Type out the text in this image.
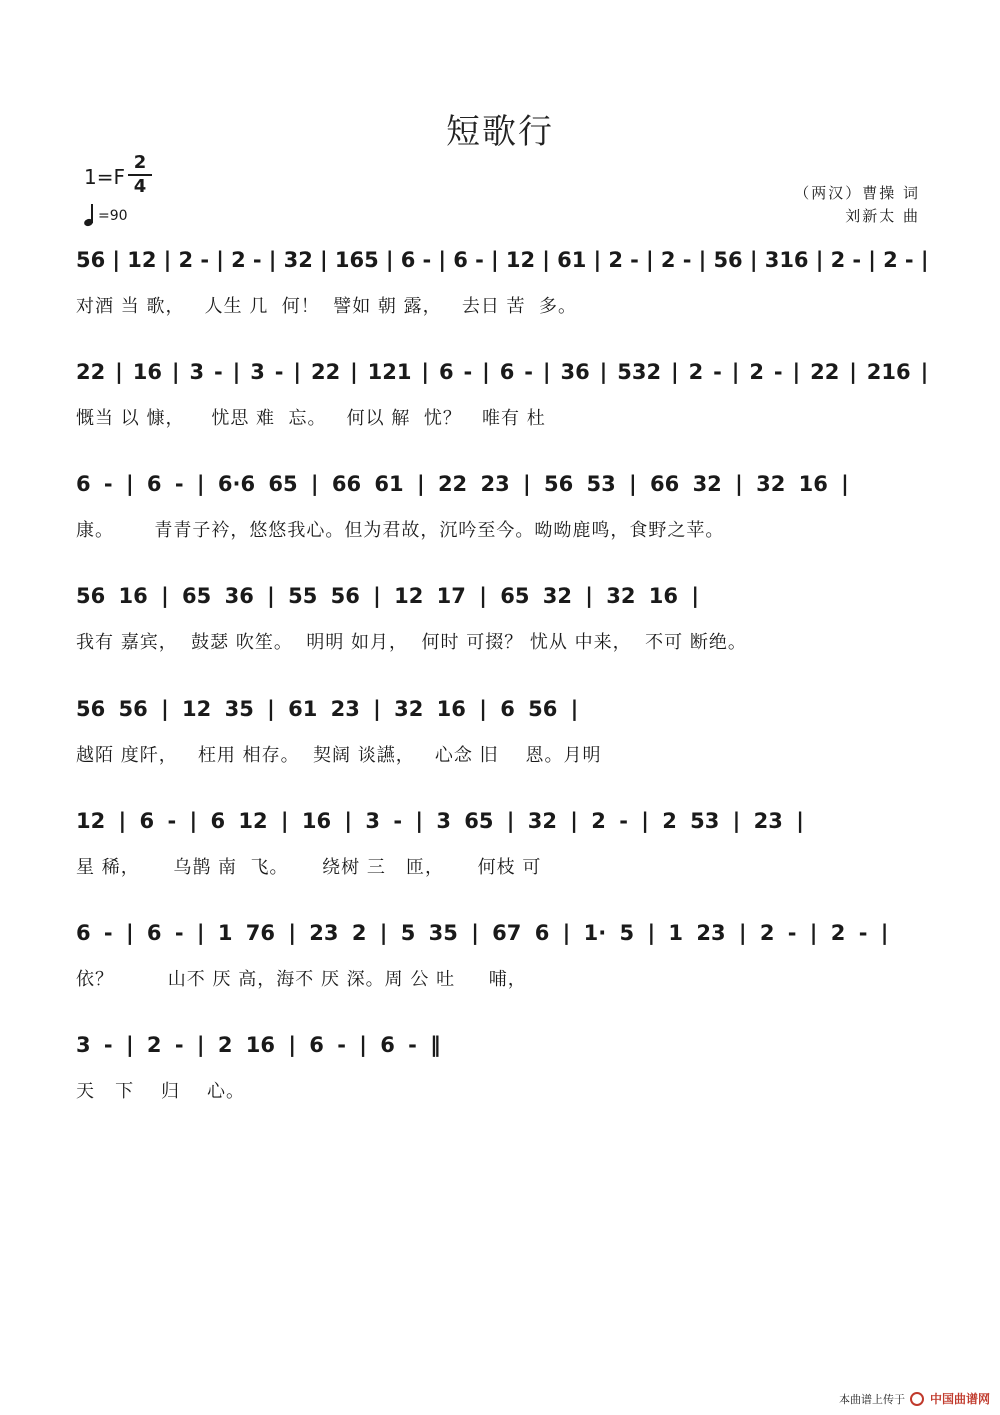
短歌行
1=F
2
4
=90
（两汉）曹操 词
刘新太 曲
56 | 12 | 2 - | 2 - | 32 | 165 | 6 - | 6 - | 12 | 61 | 2 - | 2 - | 56 | 316 | 2 - | 2 - |
对酒 当 歌，   人生 几  何！  譬如 朝 露，   去日 苦  多。
22 | 16 | 3 - | 3 - | 22 | 121 | 6 - | 6 - | 36 | 532 | 2 - | 2 - | 22 | 216 |
慨当 以 慷，    忧思 难  忘。   何以 解  忧？   唯有 杜
6 - | 6 - | 6·6 65 | 66 61 | 22 23 | 56 53 | 66 32 | 32 16 |
康。      青青子衿，悠悠我心。但为君故，沉吟至今。呦呦鹿鸣，食野之苹。
56 16 | 65 36 | 55 56 | 12 17 | 65 32 | 32 16 |
我有 嘉宾，  鼓瑟 吹笙。  明明 如月，  何时 可掇？ 忧从 中来，  不可 断绝。
56 56 | 12 35 | 61 23 | 32 16 | 6 56 |
越陌 度阡，   枉用 相存。  契阔 谈讌，   心念 旧    恩。月明
12 | 6 - | 6 12 | 16 | 3 - | 3 65 | 32 | 2 - | 2 53 | 23 |
星 稀，     乌鹊 南  飞。     绕树 三   匝，     何枝 可
6 - | 6 - | 1 76 | 23 2 | 5 35 | 67 6 | 1· 5 | 1 23 | 2 - | 2 - |
依？        山不 厌 高，海不 厌 深。周 公 吐     哺，
3 - | 2 - | 2 16 | 6 - | 6 - ‖
天   下    归    心。
本曲谱上传于 中国曲谱网
